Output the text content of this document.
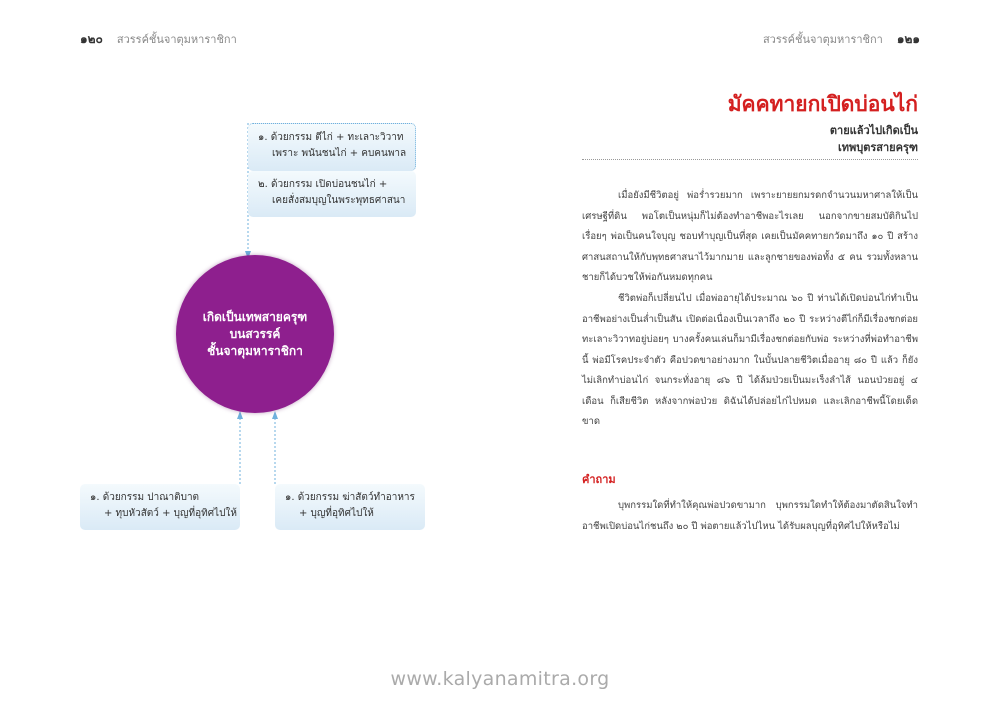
๑๒๐ สวรรค์ชั้นจาตุมหาราชิกา	สวรรค์ชั้นจาตุมหาราชิกา ๑๒๑
๑. ด้วยกรรม ตีไก่ + ทะเลาะวิวาท
เพราะ พนันชนไก่ + คบคนพาล
๒. ด้วยกรรม เปิดบ่อนชนไก่ +
เคยสั่งสมบุญในพระพุทธศาสนา
เกิดเป็นเทพสายครุฑ
บนสวรรค์
ชั้นจาตุมหาราชิกา
๑. ด้วยกรรม ปาณาติบาต
+ ทุบหัวสัตว์ + บุญที่อุทิศไปให้
๑. ด้วยกรรม ฆ่าสัตว์ทำอาหาร
+ บุญที่อุทิศไปให้
มัคคทายกเปิดบ่อนไก่
ตายแล้วไปเกิดเป็น
เทพบุตรสายครุฑ

เมื่อยังมีชีวิตอยู่ พ่อร่ำรวยมาก เพราะยายยกมรดกจำนวนมหาศาลให้เป็นเศรษฐีที่ดิน พอโตเป็นหนุ่มก็ไม่ต้องทำอาชีพอะไรเลย นอกจากขายสมบัติกินไปเรื่อยๆ พ่อเป็นคนใจบุญ ชอบทำบุญเป็นที่สุด เคยเป็นมัคคทายกวัดมาถึง ๑๐ ปี สร้างศาสนสถานให้กับพุทธศาสนาไว้มากมาย และลูกชายของพ่อทั้ง ๕ คน รวมทั้งหลานชายก็ได้บวชให้พ่อกันหมดทุกคน

ชีวิตพ่อก็เปลี่ยนไป เมื่อพ่ออายุได้ประมาณ ๖๐ ปี ท่านได้เปิดบ่อนไก่ทำเป็นอาชีพอย่างเป็นล่ำเป็นสัน เปิดต่อเนื่องเป็นเวลาถึง ๒๐ ปี ระหว่างตีไก่ก็มีเรื่องชกต่อยทะเลาะวิวาทอยู่บ่อยๆ บางครั้งคนเล่นก็มามีเรื่องชกต่อยกับพ่อ ระหว่างที่พ่อทำอาชีพนี้ พ่อมีโรคประจำตัว คือปวดขาอย่างมาก ในบั้นปลายชีวิตเมื่ออายุ ๘๐ ปี แล้ว ก็ยังไม่เลิกทำบ่อนไก่ จนกระทั่งอายุ ๘๖ ปี ได้ล้มป่วยเป็นมะเร็งลำไส้ นอนป่วยอยู่ ๔ เดือน ก็เสียชีวิต หลังจากพ่อป่วย ดิฉันได้ปล่อยไก่ไปหมด และเลิกอาชีพนี้โดยเด็ดขาด

คำถาม

บุพกรรมใดที่ทำให้คุณพ่อปวดขามาก บุพกรรมใดทำให้ต้องมาตัดสินใจทำอาชีพเปิดบ่อนไก่ชนถึง ๒๐ ปี พ่อตายแล้วไปไหน ได้รับผลบุญที่อุทิศไปให้หรือไม่

www.kalyanamitra.org
